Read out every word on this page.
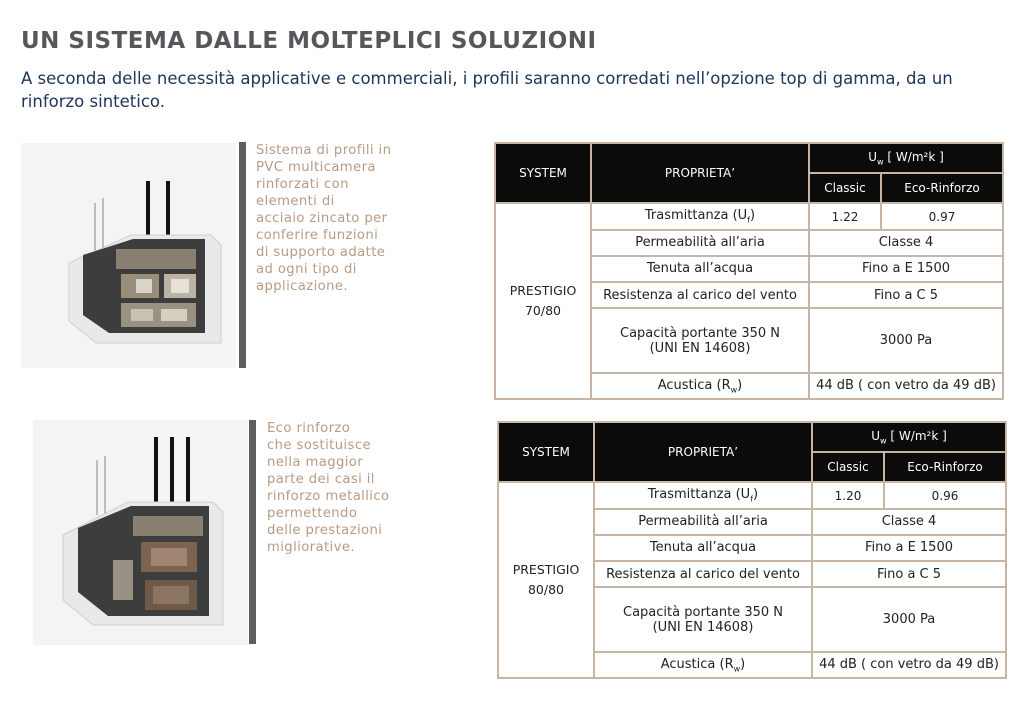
UN SISTEMA DALLE MOLTEPLICI SOLUZIONI

A seconda delle necessità applicative e commerciali, i profili saranno corredati nell’opzione top di gamma, da un rinforzo sintetico.

Sistema di profili in
PVC multicamera
rinforzati con
elementi di
acciaio zincato per
conferire funzioni
di supporto adatte
ad ogni tipo di
applicazione.

SYSTEM	PROPRIETA’	$U_w$ [ W/m²k ]	
		Classic	Eco-Rinforzo
PRESTIGIO
70/80	Trasmittanza $(U_f)$	1.22	0.97
	Permeabilità all’aria	Classe 4	
	Tenuta all’acqua	Fino a E 1500	
	Resistenza al carico del vento	Fino a C 5	
	Capacità portante 350 N
(UNI EN 14608)	3000 Pa	
	Acustica $(R_w)$	44 dB ( con vetro da 49 dB)	

Eco rinforzo
che sostituisce
nella maggior
parte dei casi il
rinforzo metallico
permettendo
delle prestazioni
migliorative.

SYSTEM	PROPRIETA’	$U_w$ [ W/m²k ]	
		Classic	Eco-Rinforzo
PRESTIGIO
80/80	Trasmittanza $(U_f)$	1.20	0.96
	Permeabilità all’aria	Classe 4	
	Tenuta all’acqua	Fino a E 1500	
	Resistenza al carico del vento	Fino a C 5	
	Capacità portante 350 N
(UNI EN 14608)	3000 Pa	
	Acustica $(R_w)$	44 dB ( con vetro da 49 dB)	
